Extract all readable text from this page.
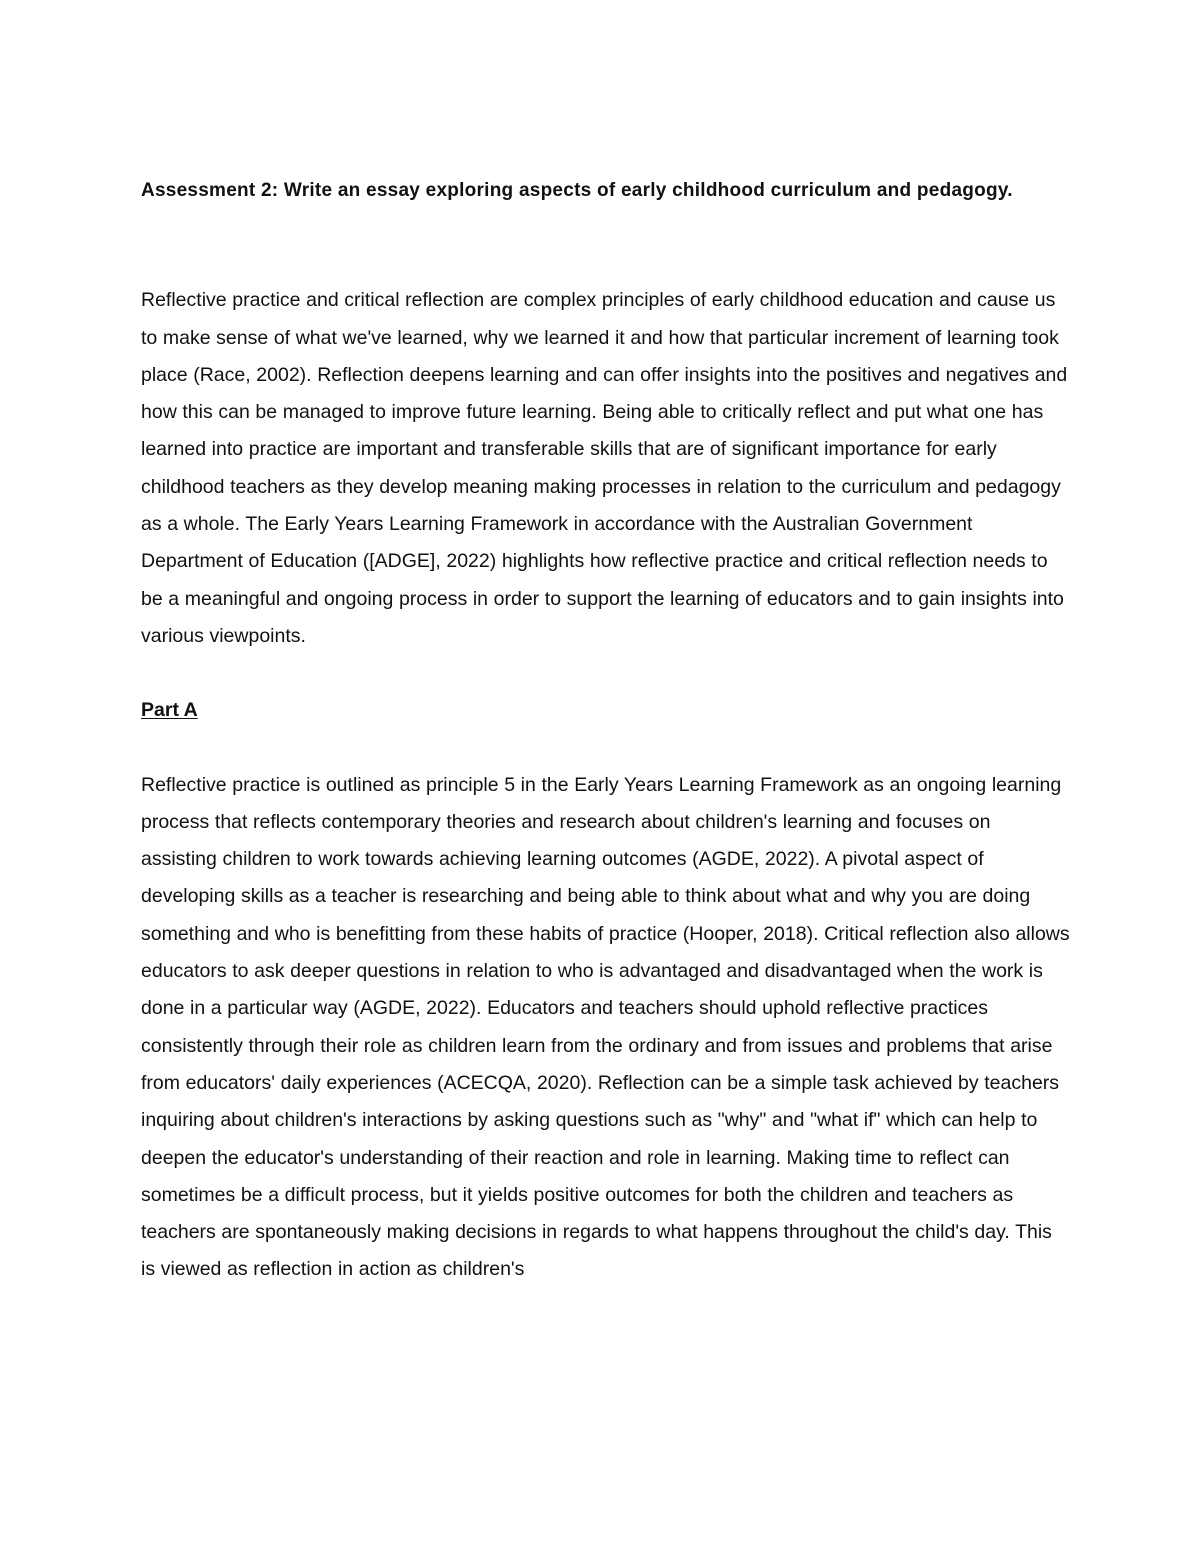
Assessment 2: Write an essay exploring aspects of early childhood curriculum and pedagogy.

Reflective practice and critical reflection are complex principles of early childhood education and cause us to make sense of what we've learned, why we learned it and how that particular increment of learning took place (Race, 2002). Reflection deepens learning and can offer insights into the positives and negatives and how this can be managed to improve future learning. Being able to critically reflect and put what one has learned into practice are important and transferable skills that are of significant importance for early childhood teachers as they develop meaning making processes in relation to the curriculum and pedagogy as a whole. The Early Years Learning Framework in accordance with the Australian Government Department of Education ([ADGE], 2022) highlights how reflective practice and critical reflection needs to be a meaningful and ongoing process in order to support the learning of educators and to gain insights into various viewpoints.

Part A

Reflective practice is outlined as principle 5 in the Early Years Learning Framework as an ongoing learning process that reflects contemporary theories and research about children's learning and focuses on assisting children to work towards achieving learning outcomes (AGDE, 2022). A pivotal aspect of developing skills as a teacher is researching and being able to think about what and why you are doing something and who is benefitting from these habits of practice (Hooper, 2018). Critical reflection also allows educators to ask deeper questions in relation to who is advantaged and disadvantaged when the work is done in a particular way (AGDE, 2022). Educators and teachers should uphold reflective practices consistently through their role as children learn from the ordinary and from issues and problems that arise from educators' daily experiences (ACECQA, 2020). Reflection can be a simple task achieved by teachers inquiring about children's interactions by asking questions such as "why" and "what if" which can help to deepen the educator's understanding of their reaction and role in learning. Making time to reflect can sometimes be a difficult process, but it yields positive outcomes for both the children and teachers as teachers are spontaneously making decisions in regards to what happens throughout the child's day. This is viewed as reflection in action as children's
